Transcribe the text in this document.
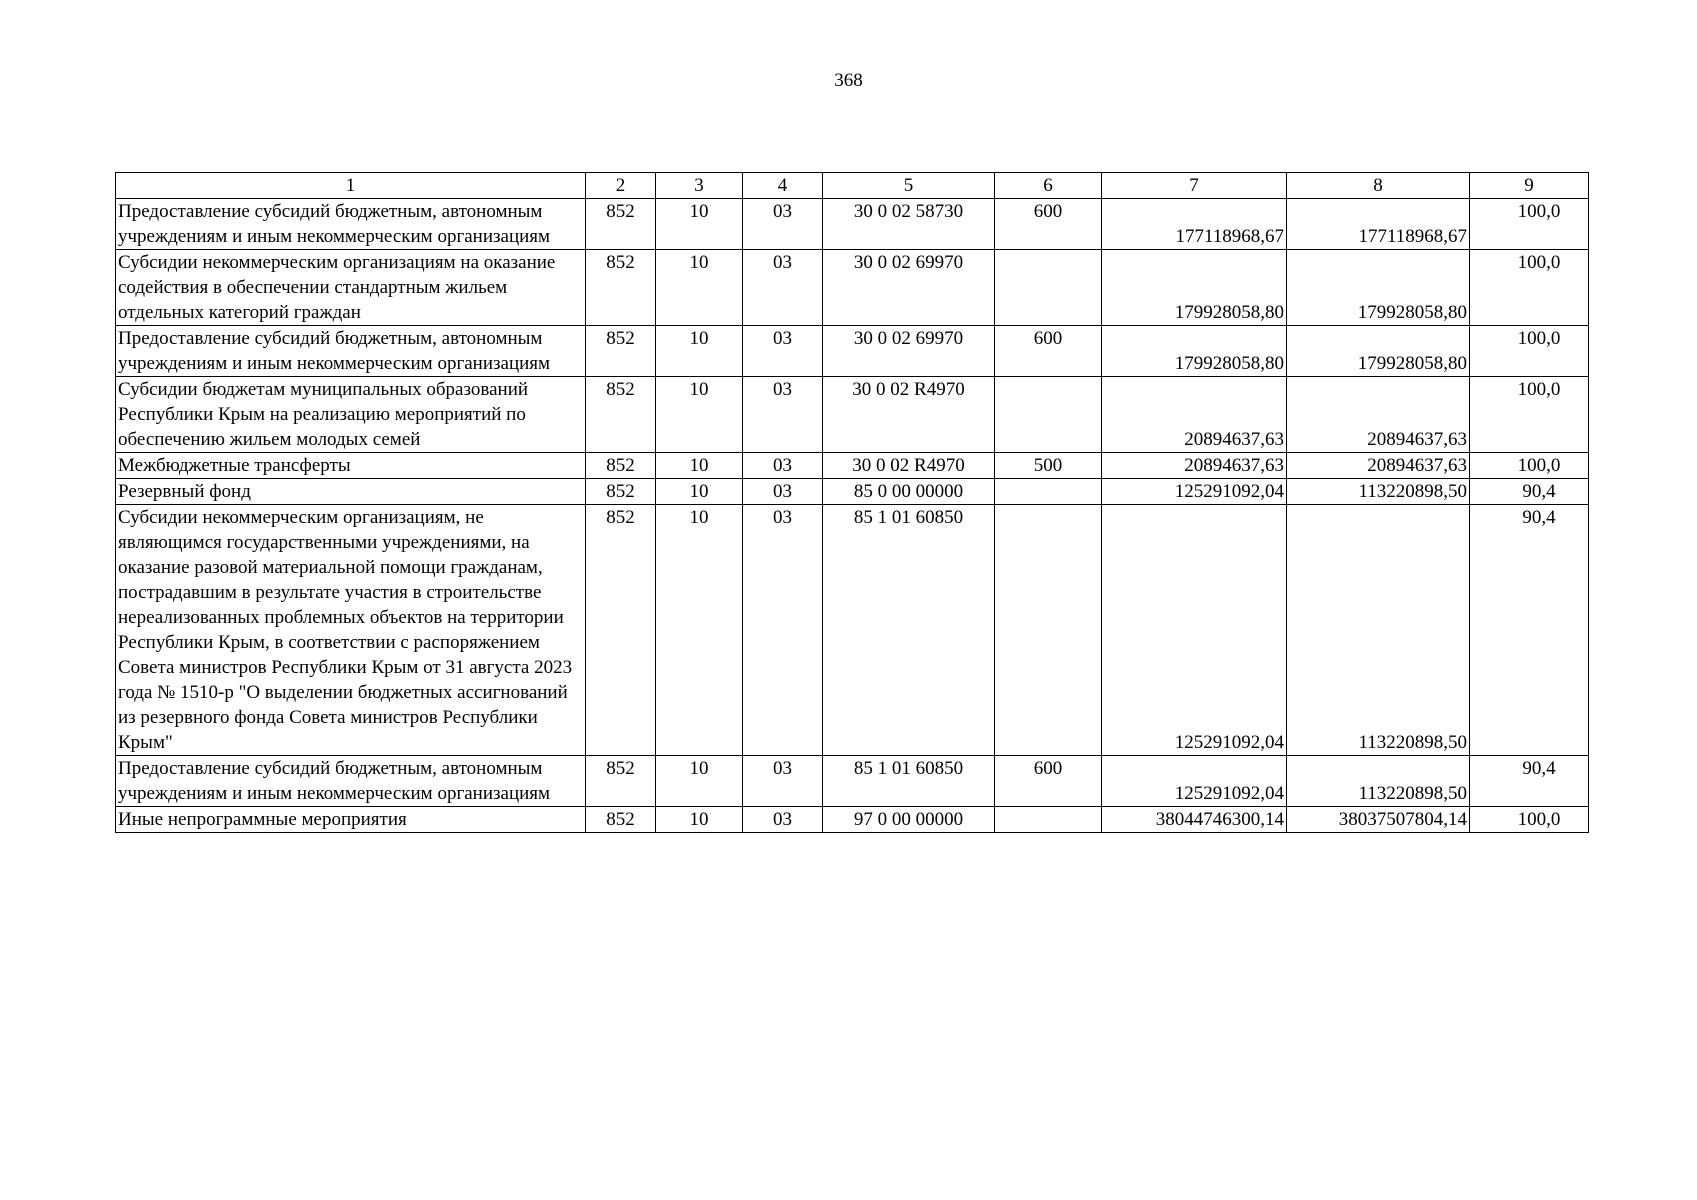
368
1	2	3	4	5	6	7	8	9
Предоставление субсидий бюджетным, автономным учреждениям и иным некоммерческим организациям	852	10	03	30 0 02 58730	600	177118968,67	177118968,67	100,0
Субсидии некоммерческим организациям на оказание содействия в обеспечении стандартным жильем отдельных категорий граждан	852	10	03	30 0 02 69970		179928058,80	179928058,80	100,0
Предоставление субсидий бюджетным, автономным учреждениям и иным некоммерческим организациям	852	10	03	30 0 02 69970	600	179928058,80	179928058,80	100,0
Субсидии бюджетам муниципальных образований Республики Крым на реализацию мероприятий по обеспечению жильем молодых семей	852	10	03	30 0 02 R4970		20894637,63	20894637,63	100,0
Межбюджетные трансферты	852	10	03	30 0 02 R4970	500	20894637,63	20894637,63	100,0
Резервный фонд	852	10	03	85 0 00 00000		125291092,04	113220898,50	90,4
Субсидии некоммерческим организациям, не являющимся государственными учреждениями, на оказание разовой материальной помощи гражданам, пострадавшим в результате участия в строительстве нереализованных проблемных объектов на территории Республики Крым, в соответствии с распоряжением Совета министров Республики Крым от 31 августа 2023 года № 1510-р "О выделении бюджетных ассигнований из резервного фонда Совета министров Республики Крым"	852	10	03	85 1 01 60850		125291092,04	113220898,50	90,4
Предоставление субсидий бюджетным, автономным учреждениям и иным некоммерческим организациям	852	10	03	85 1 01 60850	600	125291092,04	113220898,50	90,4
Иные непрограммные мероприятия	852	10	03	97 0 00 00000		38044746300,14	38037507804,14	100,0
